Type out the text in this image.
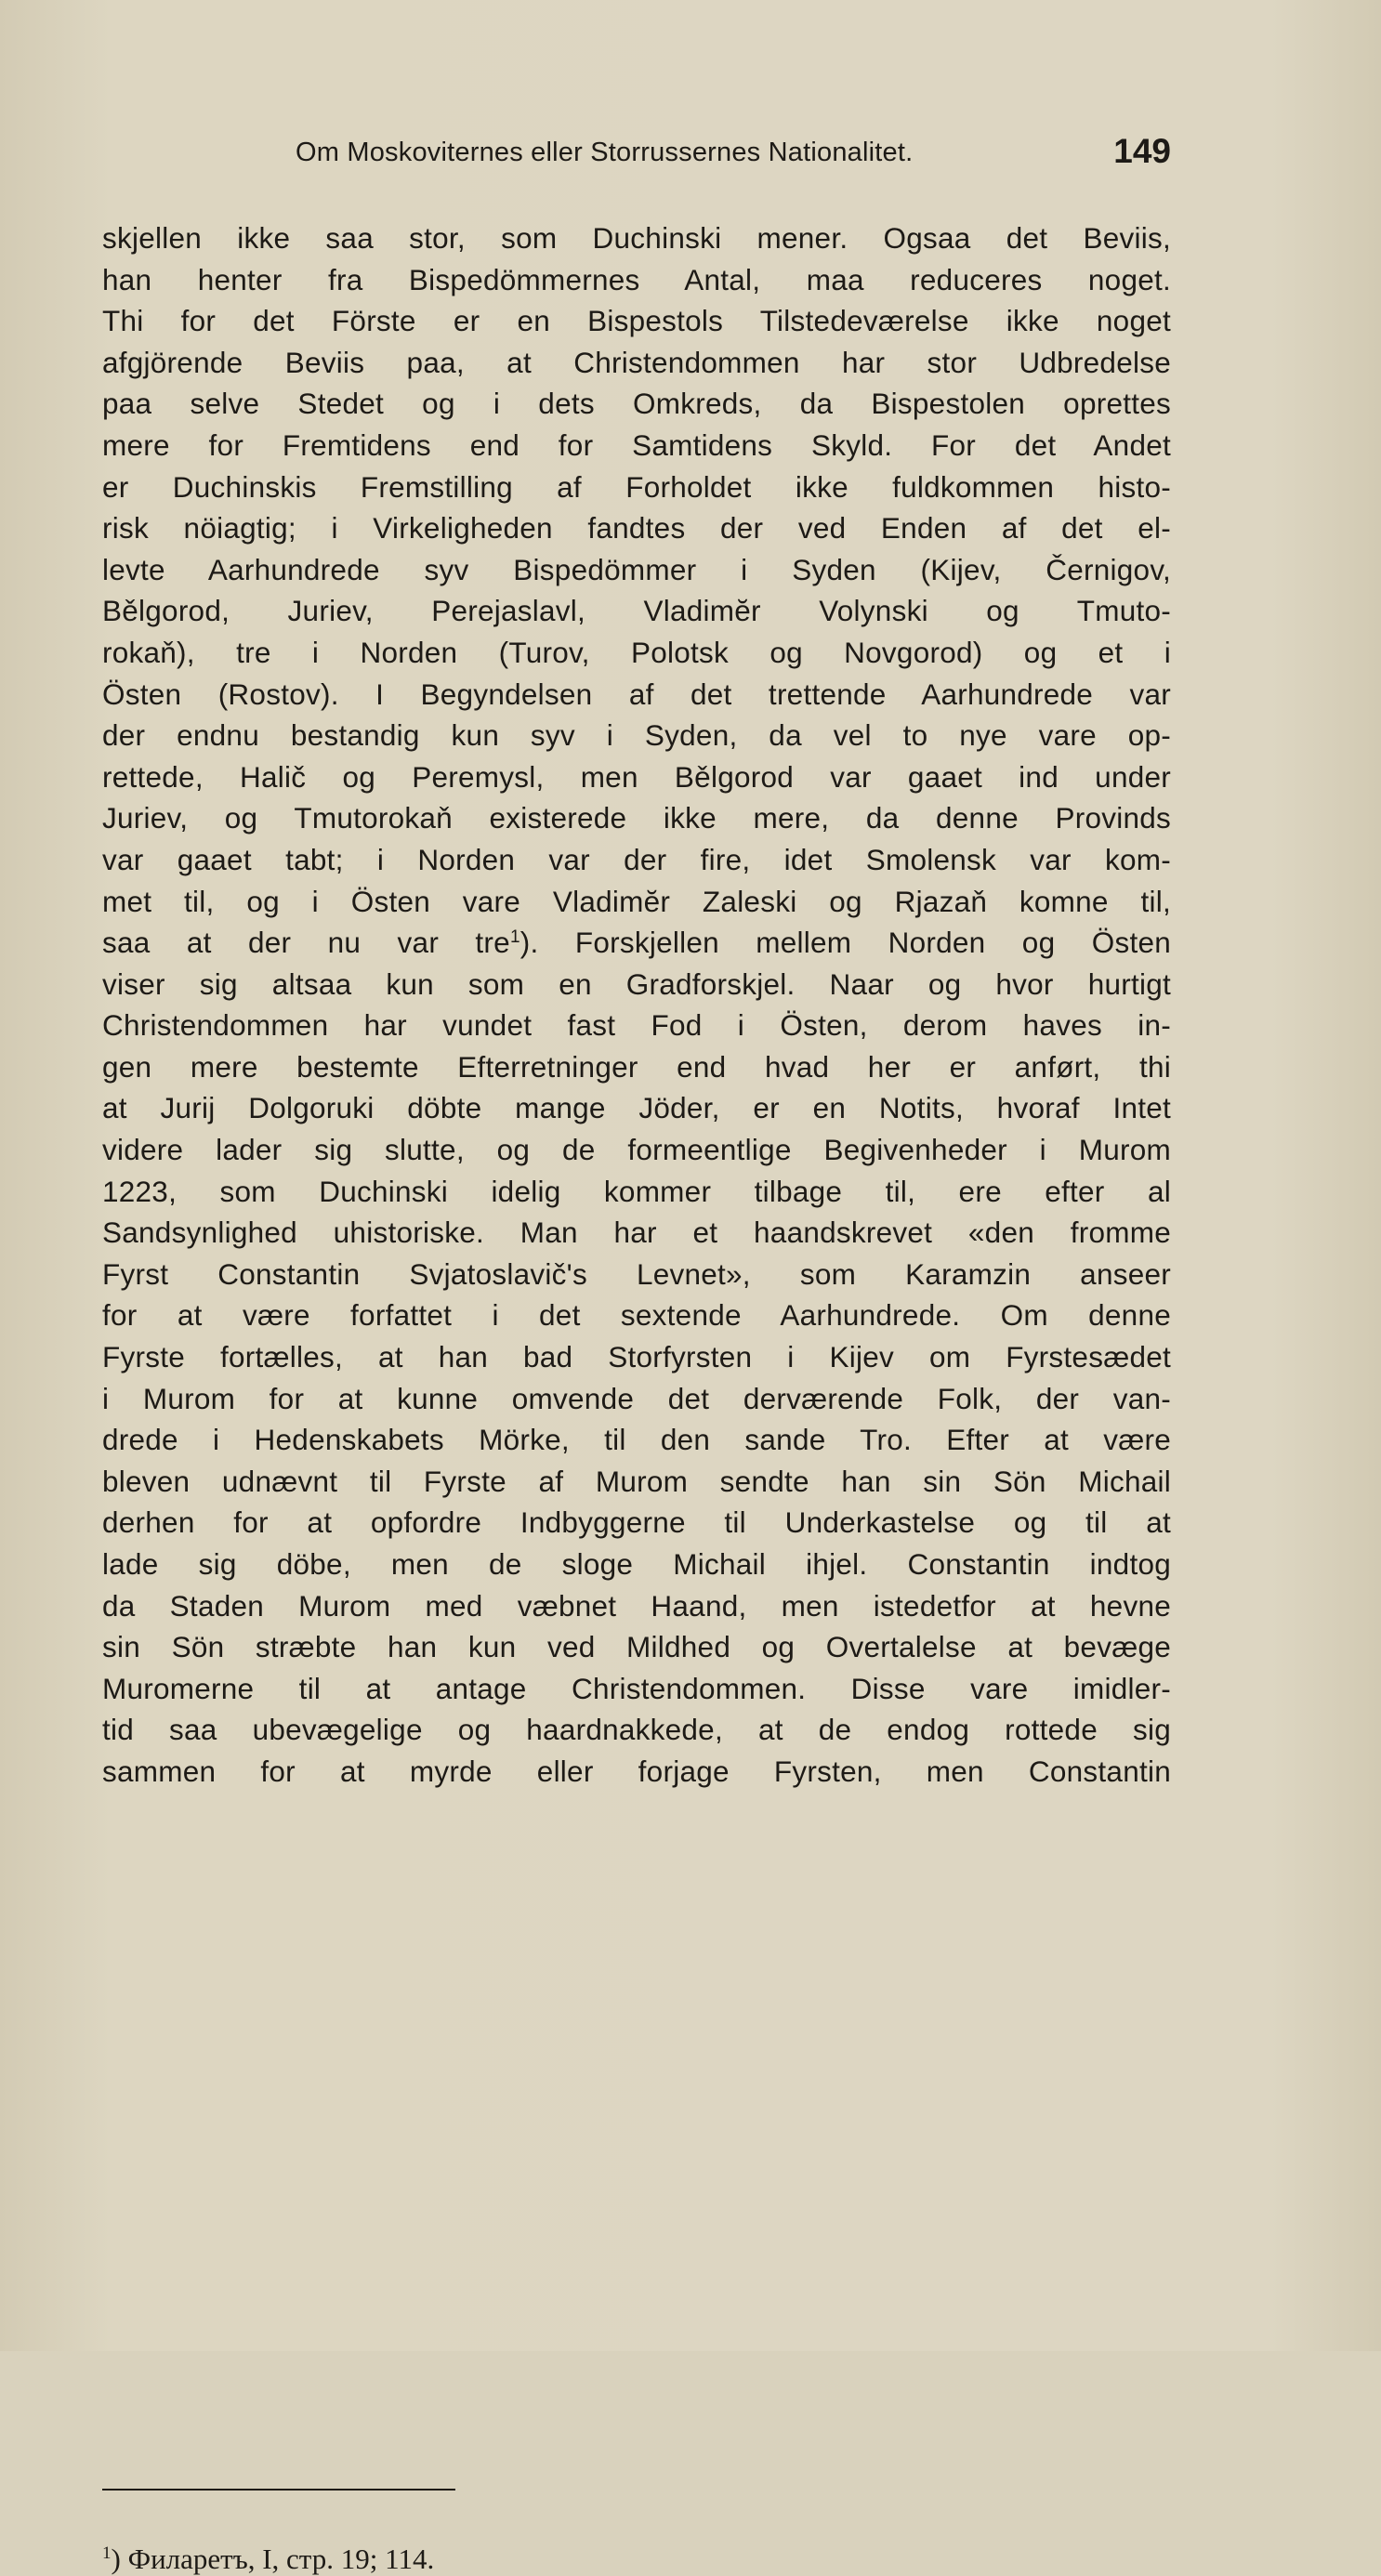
Om Moskoviternes eller Storrussernes Nationalitet.	149
skjellen ikke saa stor, som Duchinski mener. Ogsaa det Beviis,
han henter fra Bispedömmernes Antal, maa reduceres noget.
Thi for det Förste er en Bispestols Tilstedeværelse ikke noget
afgjörende Beviis paa, at Christendommen har stor Udbredelse
paa selve Stedet og i dets Omkreds, da Bispestolen oprettes
mere for Fremtidens end for Samtidens Skyld. For det Andet
er Duchinskis Fremstilling af Forholdet ikke fuldkommen histo-
risk nöiagtig; i Virkeligheden fandtes der ved Enden af det el-
levte Aarhundrede syv Bispedömmer i Syden (Kijev, Černigov,
Bělgorod, Juriev, Perejaslavl, Vladimĕr Volynski og Tmuto-
rokaň), tre i Norden (Turov, Polotsk og Novgorod) og et i
Östen (Rostov). I Begyndelsen af det trettende Aarhundrede var
der endnu bestandig kun syv i Syden, da vel to nye vare op-
rettede, Halič og Peremysl, men Bělgorod var gaaet ind under
Juriev, og Tmutorokaň existerede ikke mere, da denne Provinds
var gaaet tabt; i Norden var der fire, idet Smolensk var kom-
met til, og i Östen vare Vladimĕr Zaleski og Rjazaň komne til,
saa at der nu var tre$^1$). Forskjellen mellem Norden og Östen
viser sig altsaa kun som en Gradforskjel. Naar og hvor hurtigt
Christendommen har vundet fast Fod i Östen, derom haves in-
gen mere bestemte Efterretninger end hvad her er anført, thi
at Jurij Dolgoruki döbte mange Jöder, er en Notits, hvoraf Intet
videre lader sig slutte, og de formeentlige Begivenheder i Murom
1223, som Duchinski idelig kommer tilbage til, ere efter al
Sandsynlighed uhistoriske. Man har et haandskrevet «den fromme
Fyrst Constantin Svjatoslavič's Levnet», som Karamzin anseer
for at være forfattet i det sextende Aarhundrede. Om denne
Fyrste fortælles, at han bad Storfyrsten i Kijev om Fyrstesædet
i Murom for at kunne omvende det derværende Folk, der van-
drede i Hedenskabets Mörke, til den sande Tro. Efter at være
bleven udnævnt til Fyrste af Murom sendte han sin Sön Michail
derhen for at opfordre Indbyggerne til Underkastelse og til at
lade sig döbe, men de sloge Michail ihjel. Constantin indtog
da Staden Murom med væbnet Haand, men istedetfor at hevne
sin Sön stræbte han kun ved Mildhed og Overtalelse at bevæge
Muromerne til at antage Christendommen. Disse vare imidler-
tid saa ubevægelige og haardnakkede, at de endog rottede sig
sammen for at myrde eller forjage Fyrsten, men Constantin
$^1$) Филаретъ, I, стр. 19; 114.
